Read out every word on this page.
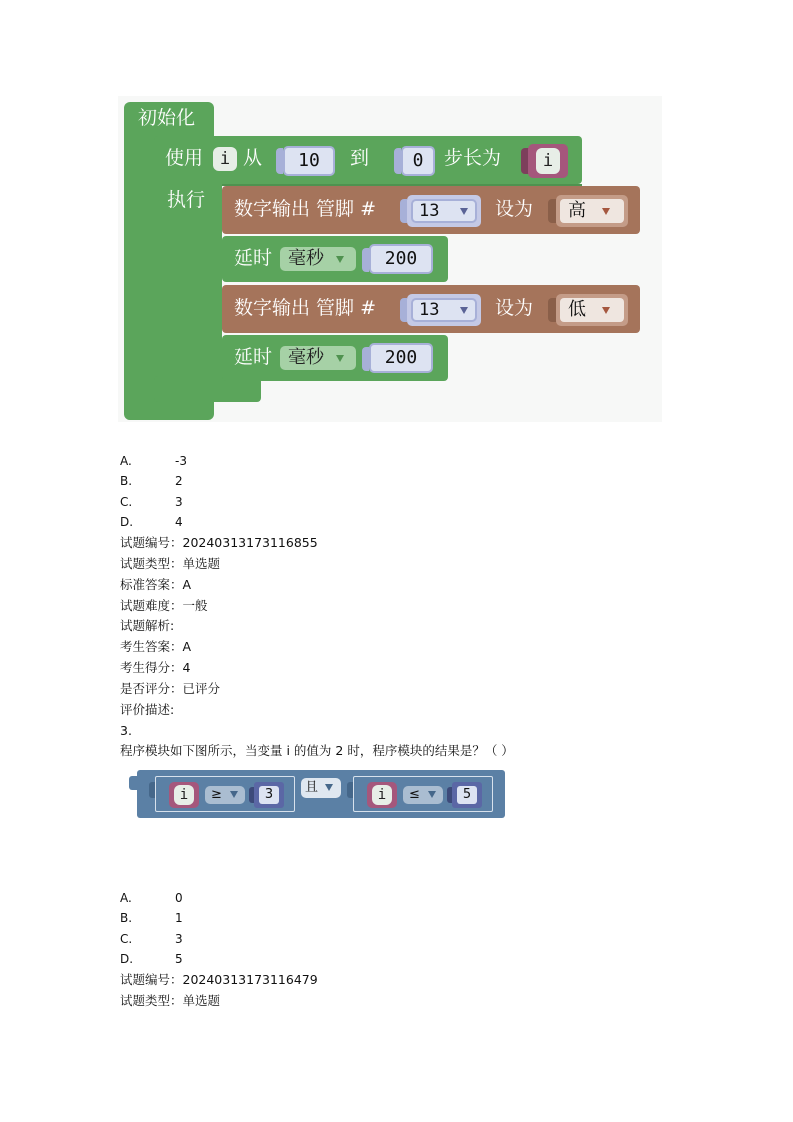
初始化
使用 i 从	10	到	0	步长为	i
执行 数字输出 管脚 #	13	设为	高
延时 毫秒	200
数字输出 管脚 #	13	设为	低
延时 毫秒	200
A.	-3
B.	2
C.	3
D.	4
试题编号：20240313173116855
试题类型：单选题
标准答案：A
试题难度：一般
试题解析:
考生答案：A
考生得分：4
是否评分：已评分
评价描述:
3.
程序模块如下图所示，当变量 i 的值为 2 时，程序模块的结果是？（ ）
i	≥	3	且	i	≤	5
A.	0
B.	1
C.	3
D.	5
试题编号：20240313173116479
试题类型：单选题
